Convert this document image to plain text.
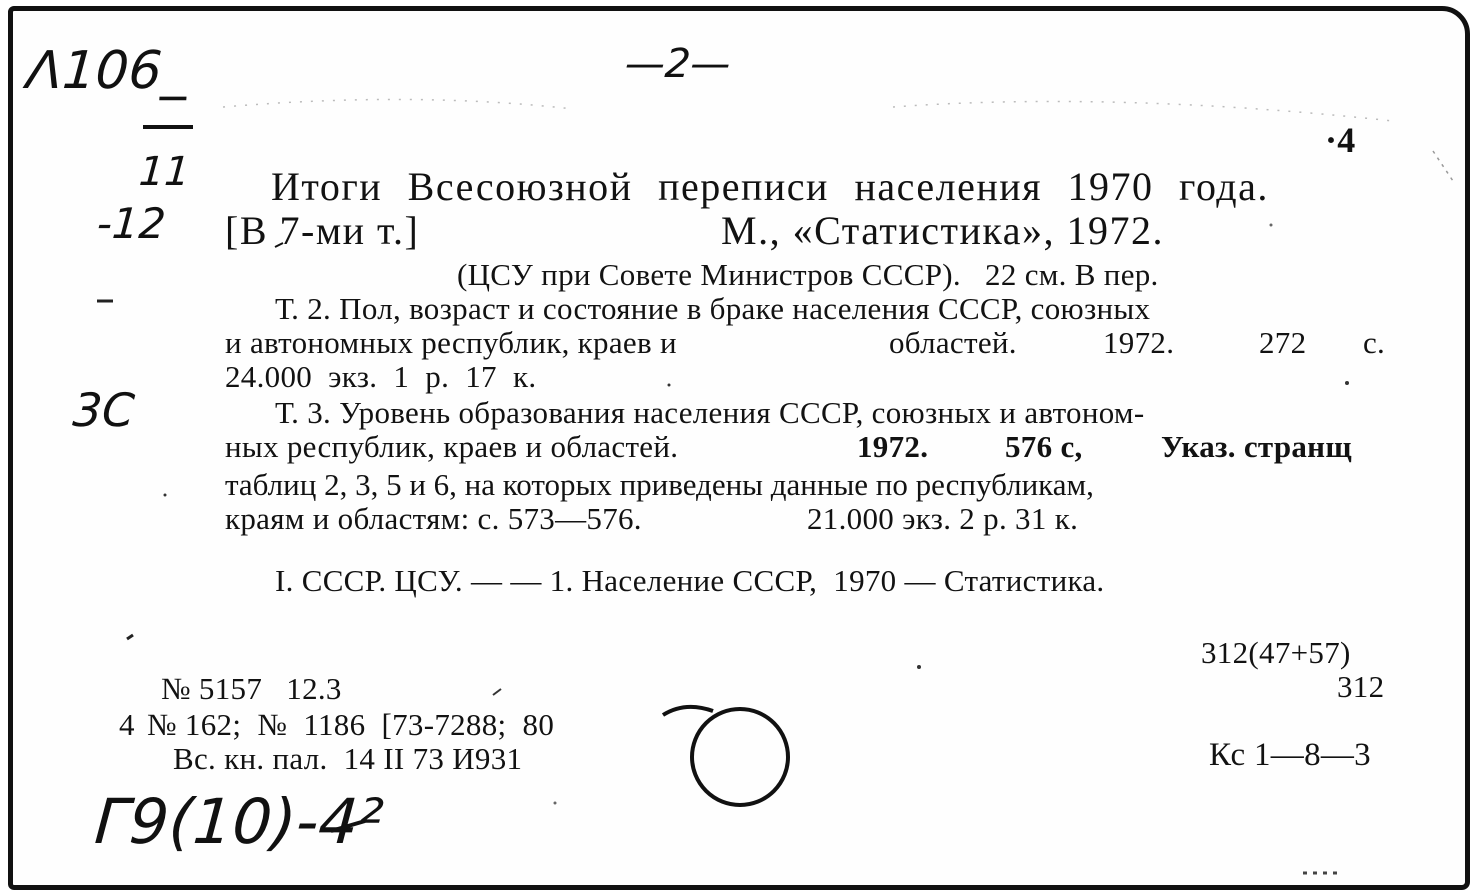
Λ106_
11
-12
3C
—2—
Г9(10)-4²
·4
Итоги Всесоюзной переписи населения 1970 года.
[В 7-ми т.]	М., «Статистика», 1972.
(ЦСУ при Совете Министров СССР).   22 см. В пер.
Т. 2. Пол, возраст и состояние в браке населения СССР, союзных
и автономных республик, краев и	областей.	1972.	272 с.
24.000  экз.  1  р.  17  к.
Т. 3. Уровень образования населения СССР, союзных и автоном-
ных республик, краев и областей.	1972. 576 с,	Указ. странщ
таблиц 2, 3, 5 и 6, на которых приведены данные по республикам,
краям и областям: с. 573—576.	21.000 экз. 2 р. 31 к.
I. СССР. ЦСУ. — — 1. Население СССР,  1970 — Статистика.
312(47+57)
312
Кс 1—8—3
№ 5157   12.3
4 № 162;  №  1186  [73-7288;  80
Вс. кн. пал.  14 II 73 И931
